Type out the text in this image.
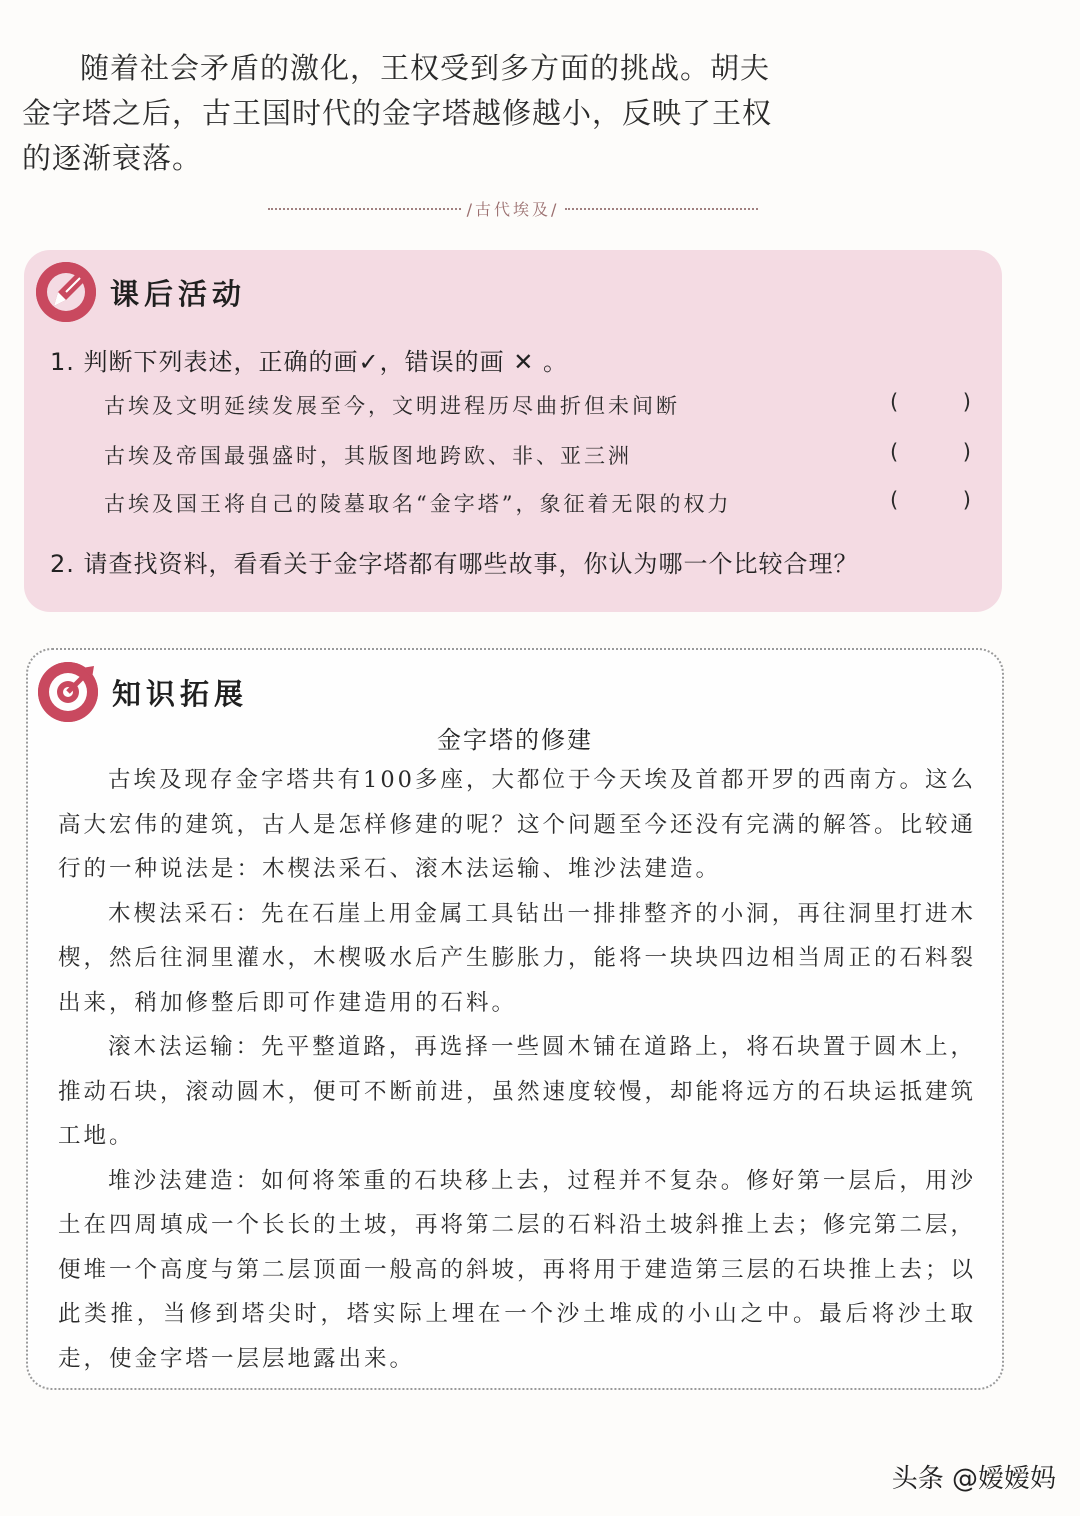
随着社会矛盾的激化，王权受到多方面的挑战。胡夫

金字塔之后，古王国时代的金字塔越修越小，反映了王权

的逐渐衰落。

/古代埃及/
课后活动
1. 判断下列表述，正确的画✓，错误的画 ✕ 。
古埃及文明延续发展至今，文明进程历尽曲折但未间断	(	)
古埃及帝国最强盛时，其版图地跨欧、非、亚三洲	(	)
古埃及国王将自己的陵墓取名“金字塔”，象征着无限的权力	(	)
2. 请查找资料，看看关于金字塔都有哪些故事，你认为哪一个比较合理？
知识拓展
金字塔的修建

古埃及现存金字塔共有100多座，大都位于今天埃及首都开罗的西南方。这么高大宏伟的建筑，古人是怎样修建的呢？这个问题至今还没有完满的解答。比较通行的一种说法是：木楔法采石、滚木法运输、堆沙法建造。

木楔法采石：先在石崖上用金属工具钻出一排排整齐的小洞，再往洞里打进木楔，然后往洞里灌水，木楔吸水后产生膨胀力，能将一块块四边相当周正的石料裂出来，稍加修整后即可作建造用的石料。

滚木法运输：先平整道路，再选择一些圆木铺在道路上，将石块置于圆木上，推动石块，滚动圆木，便可不断前进，虽然速度较慢，却能将远方的石块运抵建筑工地。

堆沙法建造：如何将笨重的石块移上去，过程并不复杂。修好第一层后，用沙土在四周填成一个长长的土坡，再将第二层的石料沿土坡斜推上去；修完第二层，便堆一个高度与第二层顶面一般高的斜坡，再将用于建造第三层的石块推上去；以此类推，当修到塔尖时，塔实际上埋在一个沙土堆成的小山之中。最后将沙土取走，使金字塔一层层地露出来。

头条 @嫒嫒妈
